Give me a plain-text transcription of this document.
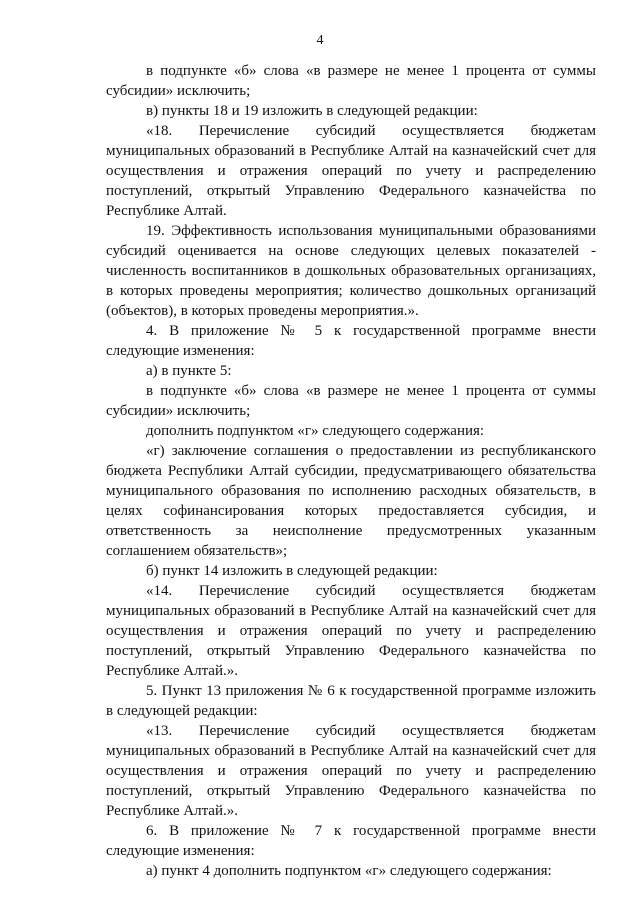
4

в подпункте «б» слова «в размере не менее 1 процента от суммы субсидии» исключить;

в) пункты 18 и 19 изложить в следующей редакции:

«18. Перечисление субсидий осуществляется бюджетам муниципальных образований в Республике Алтай на казначейский счет для осуществления и отражения операций по учету и распределению поступлений, открытый Управлению Федерального казначейства по Республике Алтай.

19. Эффективность использования муниципальными образованиями субсидий оценивается на основе следующих целевых показателей - численность воспитанников в дошкольных образовательных организациях, в которых проведены мероприятия; количество дошкольных организаций (объектов), в которых проведены мероприятия.».

4. В приложение № 5 к государственной программе внести следующие изменения:

а) в пункте 5:

в подпункте «б» слова «в размере не менее 1 процента от суммы субсидии» исключить;

дополнить подпунктом «г» следующего содержания:

«г) заключение соглашения о предоставлении из республиканского бюджета Республики Алтай субсидии, предусматривающего обязательства муниципального образования по исполнению расходных обязательств, в целях софинансирования которых предоставляется субсидия, и ответственность за неисполнение предусмотренных указанным соглашением обязательств»;

б) пункт 14 изложить в следующей редакции:

«14. Перечисление субсидий осуществляется бюджетам муниципальных образований в Республике Алтай на казначейский счет для осуществления и отражения операций по учету и распределению поступлений, открытый Управлению Федерального казначейства по Республике Алтай.».

5. Пункт 13 приложения № 6 к государственной программе изложить в следующей редакции:

«13. Перечисление субсидий осуществляется бюджетам муниципальных образований в Республике Алтай на казначейский счет для осуществления и отражения операций по учету и распределению поступлений, открытый Управлению Федерального казначейства по Республике Алтай.».

6. В приложение № 7 к государственной программе внести следующие изменения:

а) пункт 4 дополнить подпунктом «г» следующего содержания:
